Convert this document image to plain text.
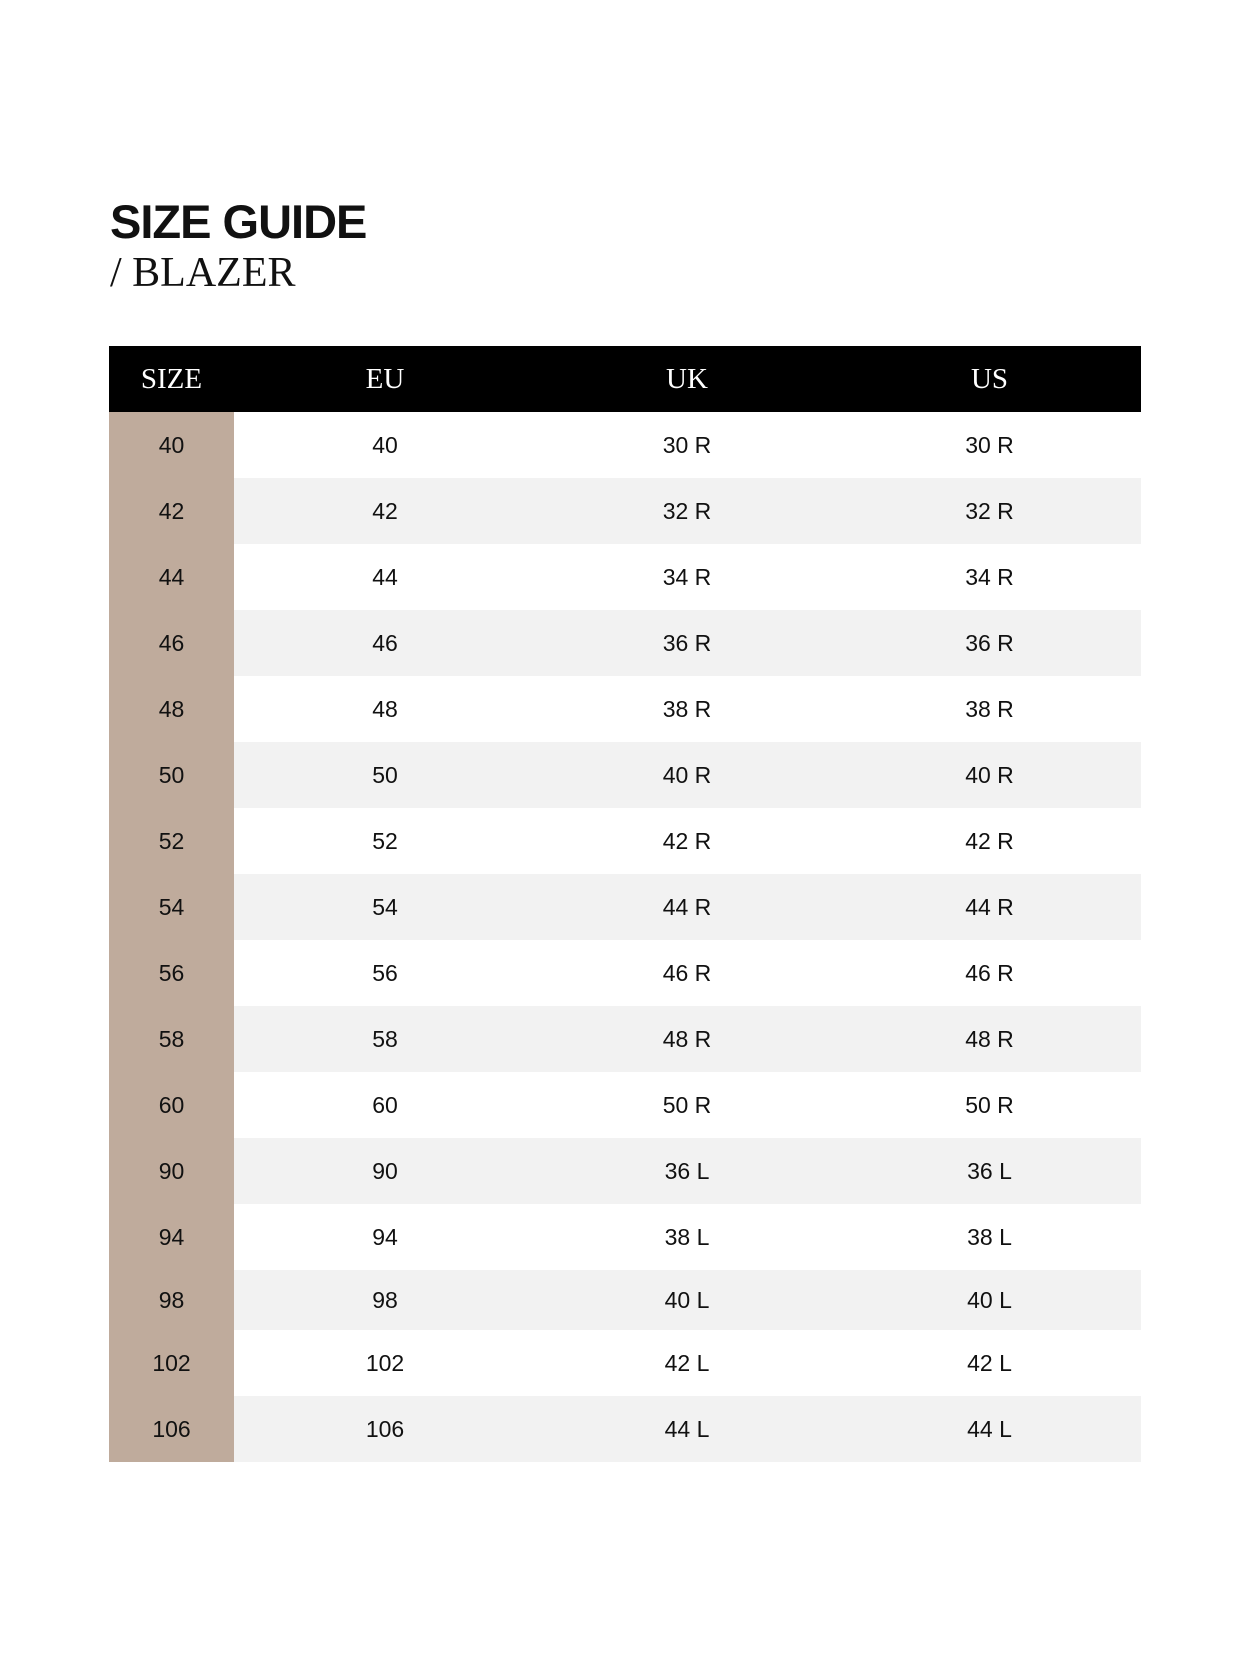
SIZE GUIDE
/ BLAZER
SIZE	EU	UK	US
40	40	30 R	30 R
42	42	32 R	32 R
44	44	34 R	34 R
46	46	36 R	36 R
48	48	38 R	38 R
50	50	40 R	40 R
52	52	42 R	42 R
54	54	44 R	44 R
56	56	46 R	46 R
58	58	48 R	48 R
60	60	50 R	50 R
90	90	36 L	36 L
94	94	38 L	38 L
98	98	40 L	40 L
102	102	42 L	42 L
106	106	44 L	44 L
